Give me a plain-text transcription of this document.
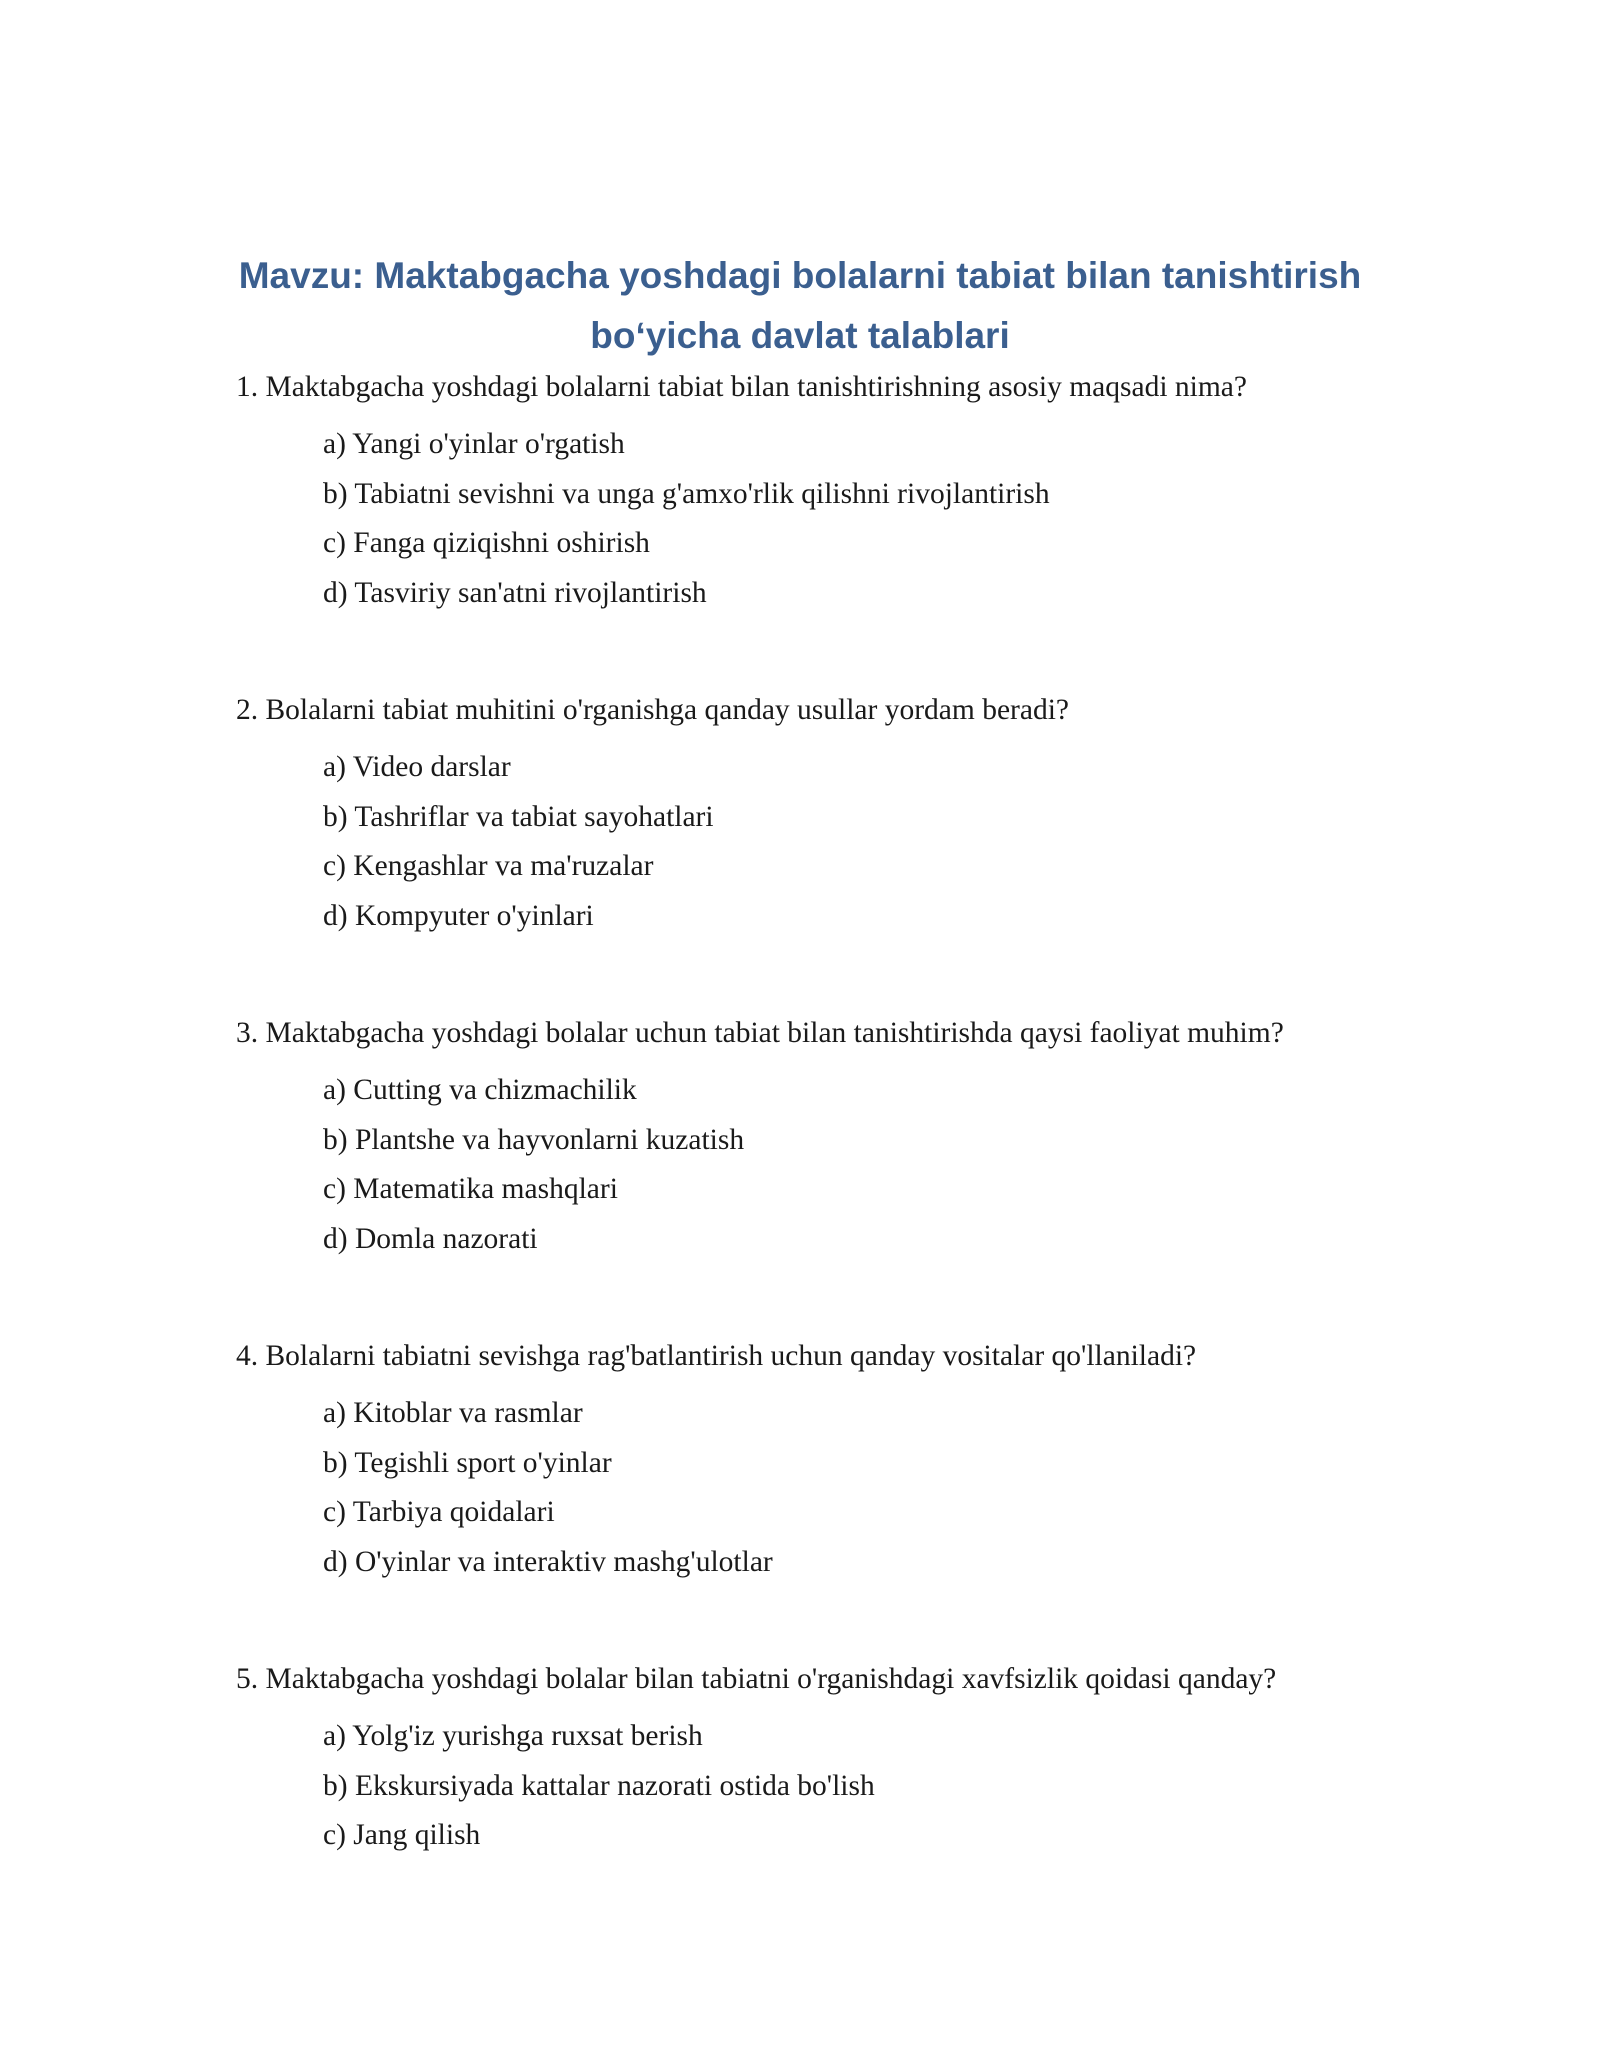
Mavzu: Maktabgacha yoshdagi bolalarni tabiat bilan tanishtirish
bo‘yicha davlat talablari
1. Maktabgacha yoshdagi bolalarni tabiat bilan tanishtirishning asosiy maqsadi nima?
a) Yangi o'yinlar o'rgatish
b) Tabiatni sevishni va unga g'amxo'rlik qilishni rivojlantirish
c) Fanga qiziqishni oshirish
d) Tasviriy san'atni rivojlantirish
2. Bolalarni tabiat muhitini o'rganishga qanday usullar yordam beradi?
a) Video darslar
b) Tashriflar va tabiat sayohatlari
c) Kengashlar va ma'ruzalar
d) Kompyuter o'yinlari
3. Maktabgacha yoshdagi bolalar uchun tabiat bilan tanishtirishda qaysi faoliyat muhim?
a) Cutting va chizmachilik
b) Plantshe va hayvonlarni kuzatish
c) Matematika mashqlari
d) Domla nazorati
4. Bolalarni tabiatni sevishga rag'batlantirish uchun qanday vositalar qo'llaniladi?
a) Kitoblar va rasmlar
b) Tegishli sport o'yinlar
c) Tarbiya qoidalari
d) O'yinlar va interaktiv mashg'ulotlar
5. Maktabgacha yoshdagi bolalar bilan tabiatni o'rganishdagi xavfsizlik qoidasi qanday?
a) Yolg'iz yurishga ruxsat berish
b) Ekskursiyada kattalar nazorati ostida bo'lish
c) Jang qilish
